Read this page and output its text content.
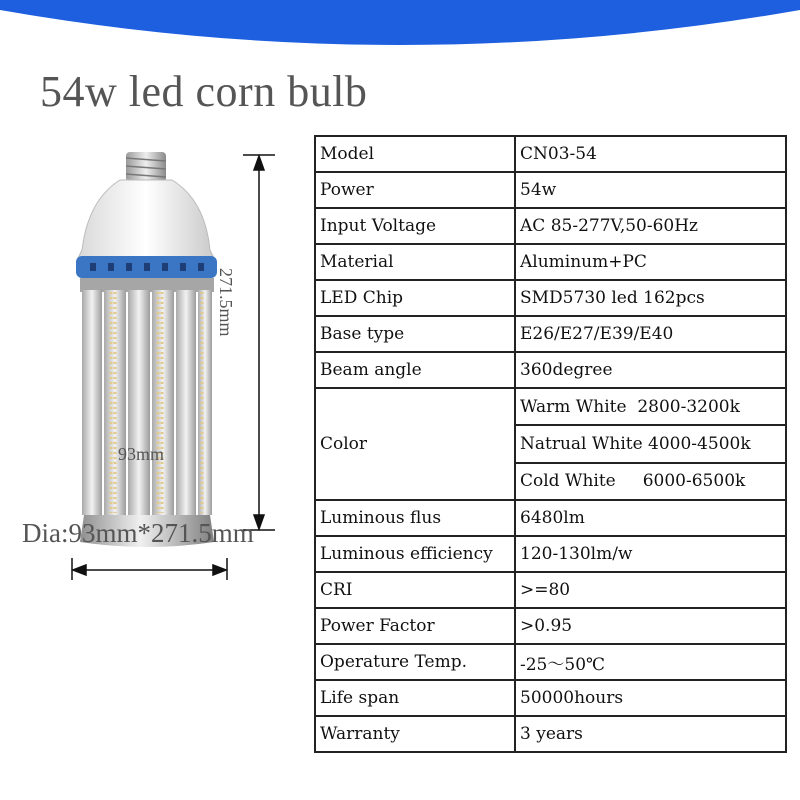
54w led corn bulb
93mm
271.5mm
Dia:93mm*271.5mm
Model	CN03-54
Power	54w
Input Voltage	AC 85-277V,50-60Hz
Material	Aluminum+PC
LED Chip	SMD5730 led 162pcs
Base type	E26/E27/E39/E40
Beam angle	360degree
Color	Warm White  2800-3200k
	Natrual White 4000-4500k
	Cold White     6000-6500k
Luminous flus	6480lm
Luminous efficiency	120-130lm/w
CRI	>=80
Power Factor	>0.95
Operature Temp.	-25～50℃
Life span	50000hours
Warranty	3 years
